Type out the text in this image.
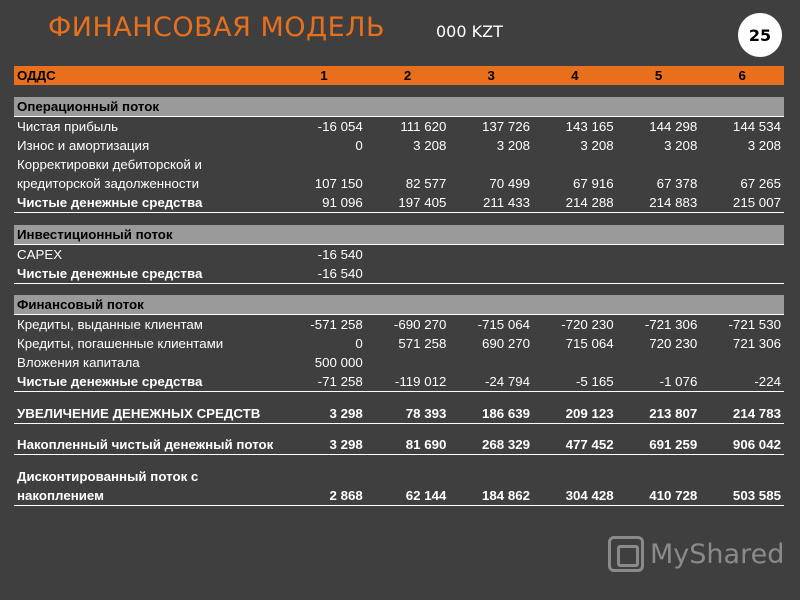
ФИНАНСОВАЯ МОДЕЛЬ	000 KZT	25
ОДДС	1	2	3	4	5	6

Операционный поток						
Чистая прибыль	-16 054	111 620	137 726	143 165	144 298	144 534
Износ и амортизация	0	3 208	3 208	3 208	3 208	3 208
Корректировки дебиторской и кредиторской задолженности	107 150	82 577	70 499	67 916	67 378	67 265
Чистые денежные средства	91 096	197 405	211 433	214 288	214 883	215 007

Инвестиционный поток						
CAPEX	-16 540					
Чистые денежные средства	-16 540					

Финансовый поток						
Кредиты, выданные клиентам	-571 258	-690 270	-715 064	-720 230	-721 306	-721 530
Кредиты, погашенные клиентами	0	571 258	690 270	715 064	720 230	721 306
Вложения капитала	500 000					
Чистые денежные средства	-71 258	-119 012	-24 794	-5 165	-1 076	-224

УВЕЛИЧЕНИЕ ДЕНЕЖНЫХ СРЕДСТВ	3 298	78 393	186 639	209 123	213 807	214 783

Накопленный чистый денежный поток	3 298	81 690	268 329	477 452	691 259	906 042

Дисконтированный поток с накоплением	2 868	62 144	184 862	304 428	410 728	503 585
MyShared
